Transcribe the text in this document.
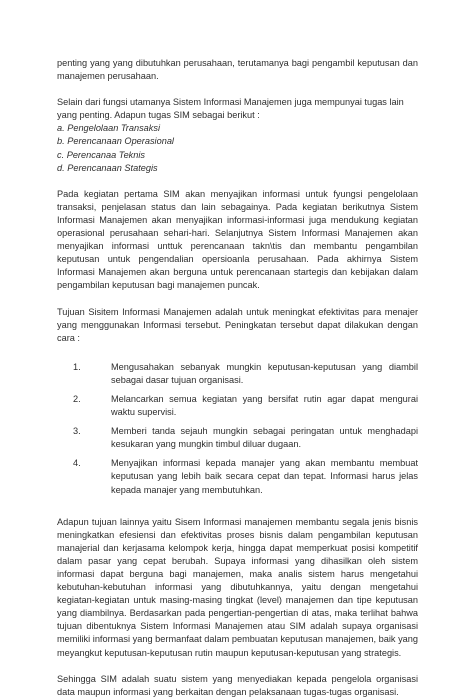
penting yang yang dibutuhkan perusahaan, terutamanya bagi pengambil keputusan dan manajemen perusahaan.

Selain dari fungsi utamanya Sistem Informasi Manajemen juga mempunyai tugas lain yang penting. Adapun tugas SIM sebagai berikut :

a. Pengelolaan Transaksi

b. Perencanaan Operasional

c. Perencanaa Teknis

d. Perencanaan Stategis

Pada kegiatan pertama SIM akan menyajikan informasi untuk fyungsi pengelolaan transaksi, penjelasan status dan lain sebagainya. Pada kegiatan berikutnya Sistem Informasi Manajemen akan menyajikan informasi-informasi juga mendukung kegiatan operasional perusahaan sehari-hari. Selanjutnya Sistem Informasi Manajemen akan menyajikan informasi unttuk perencanaan takn\tis dan membantu pengambilan keputusan untuk pengendalian opersioanla perusahaan. Pada akhirnya Sistem Informasi Manajemen akan berguna untuk perencanaan startegis dan kebijakan dalam pengambilan keputusan bagi manajemen puncak.

Tujuan Sisitem Informasi Manajemen adalah untuk meningkat efektivitas para menajer yang menggunakan Informasi tersebut. Peningkatan tersebut dapat dilakukan dengan cara :

1.	Mengusahakan sebanyak mungkin keputusan-keputusan yang diambil sebagai dasar tujuan organisasi.
2.	Melancarkan semua kegiatan yang bersifat rutin agar dapat mengurai waktu supervisi.
3.	Memberi tanda sejauh mungkin sebagai peringatan untuk menghadapi kesukaran yang mungkin timbul diluar dugaan.
4.	Menyajikan informasi kepada manajer yang akan membantu membuat keputusan yang lebih baik secara cepat dan tepat. Informasi harus jelas kepada manajer yang membutuhkan.

Adapun tujuan lainnya yaitu Sisem Informasi manajemen membantu segala jenis bisnis meningkatkan efesiensi dan efektivitas proses bisnis dalam pengambilan keputusan manajerial dan kerjasama kelompok kerja, hingga dapat memperkuat posisi kompetitif dalam pasar yang cepat berubah. Supaya informasi yang dihasilkan oleh sistem informasi dapat berguna bagi manajemen, maka analis sistem harus mengetahui kebutuhan-kebutuhan informasi yang dibutuhkannya, yaitu dengan mengetahui kegiatan-kegiatan untuk masing-masing tingkat (level) manajemen dan tipe keputusan yang diambilnya. Berdasarkan pada pengertian-pengertian di atas, maka terlihat bahwa tujuan dibentuknya Sistem Informasi Manajemen atau SIM adalah supaya organisasi memiliki informasi yang bermanfaat dalam pembuatan keputusan manajemen, baik yang meyangkut keputusan-keputusan rutin maupun keputusan-keputusan yang strategis.

Sehingga SIM adalah suatu sistem yang menyediakan kepada pengelola organisasi data maupun informasi yang berkaitan dengan pelaksanaan tugas-tugas organisasi.
